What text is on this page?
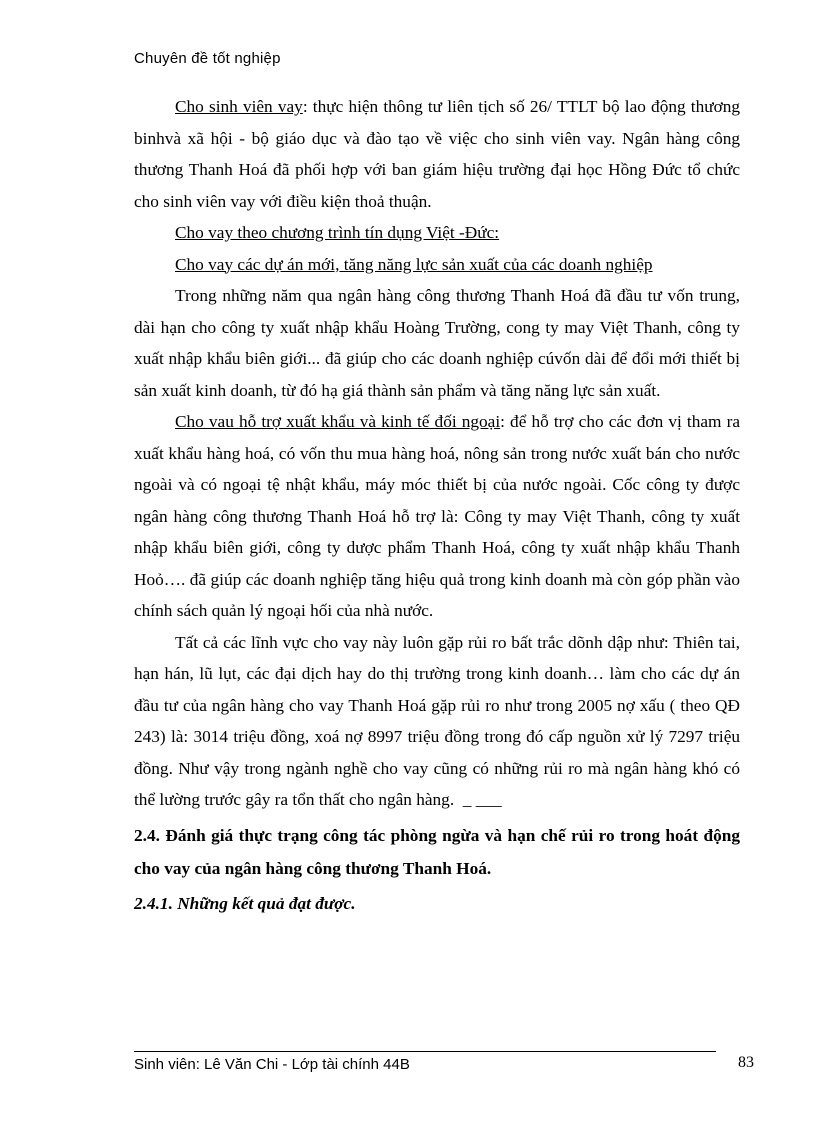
Chuyên đề tốt nghiệp

Cho sinh viên vay: thực hiện thông tư liên tịch số 26/ TTLT bộ lao động thương binhvà xã hội - bộ giáo dục và đào tạo về việc cho sinh viên vay. Ngân hàng công thương Thanh Hoá đã phối hợp với ban giám hiệu trường đại học Hồng Đức tổ chức cho sinh viên vay với điều kiện thoả thuận.

Cho vay theo chương trình tín dụng Việt -Đức:

Cho vay các dự án mới, tăng năng lực sản xuất của các doanh nghiệp

Trong những năm qua ngân hàng công thương Thanh Hoá đã đầu tư vốn trung, dài hạn cho công ty xuất nhập khẩu Hoàng Trường, cong ty may Việt Thanh, công ty xuất nhập khẩu biên giới... đã giúp cho các doanh nghiệp cúvốn dài để đổi mới thiết bị sản xuất kinh doanh, từ đó hạ giá thành sản phẩm và tăng năng lực sản xuất.

Cho vau hỗ trợ xuất khẩu và kinh tế đối ngoại: để hỗ trợ cho các đơn vị tham ra xuất khẩu hàng hoá, có vốn thu mua hàng hoá, nông sản trong nước xuất bán cho nước ngoài và có ngoại tệ nhật khẩu, máy móc thiết bị của nước ngoài. Cốc công ty được ngân hàng công thương Thanh Hoá hỗ trợ là: Công ty may Việt Thanh, công ty xuất nhập khẩu biên giới, công ty dược phẩm Thanh Hoá, công ty xuất nhập khẩu Thanh Hoỏ…. đã giúp các doanh nghiệp tăng hiệu quả trong kinh doanh mà còn góp phần vào chính sách quản lý ngoại hối của nhà nước.

Tất cả các lĩnh vực cho vay này luôn gặp rủi ro bất trắc dõnh dập như: Thiên tai, hạn hán, lũ lụt, các đại dịch hay do thị trường trong kinh doanh… làm cho các dự án đầu tư của ngân hàng cho vay Thanh Hoá gặp rủi ro như trong 2005 nợ xấu ( theo QĐ 243) là: 3014 triệu đồng, xoá nợ 8997 triệu đồng trong đó cấp nguồn xử lý 7297 triệu đồng. Như vậy trong ngành nghề cho vay cũng có những rủi ro mà ngân hàng khó có thể lường trước gây ra tổn thất cho ngân hàng. _ ___

2.4. Đánh giá thực trạng công tác phòng ngừa và hạn chế rủi ro trong hoát động cho vay của ngân hàng công thương Thanh Hoá.

2.4.1. Những kết quả đạt được.

Sinh viên: Lê Văn Chi - Lớp tài chính 44B	83
